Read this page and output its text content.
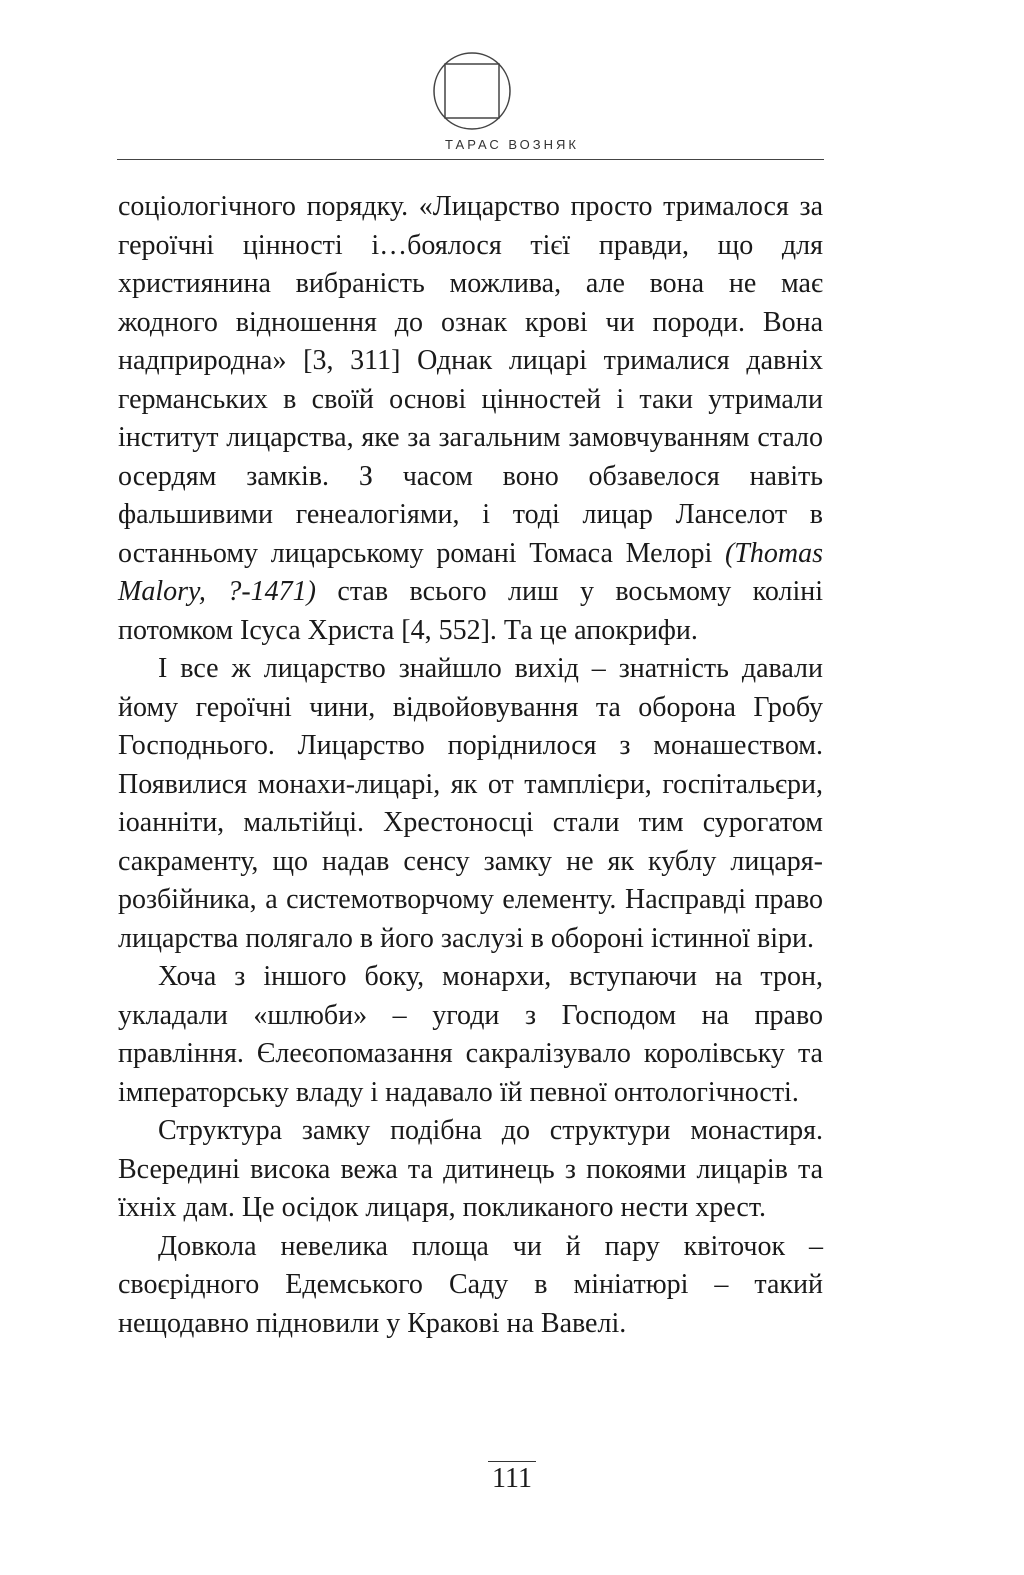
ТАРАС ВОЗНЯК

соціологічного порядку. «Лицарство просто трималося за героїчні цінності і…боялося тієї правди, що для християнина вибраність можлива, але вона не має жодного відношення до ознак крові чи породи. Вона надприродна» [3, 311] Однак лицарі трималися давніх германських в своїй основі цінностей і таки утримали інститут лицарства, яке за загальним замовчуванням стало осердям замків. З часом воно обзавелося навіть фальшивими генеалогіями, і тоді лицар Ланселот в останньому лицарському романі Томаса Мелорі (Thomas Malory, ?-1471) став всього лиш у восьмому коліні потомком Ісуса Христа [4, 552]. Та це апокрифи.

І все ж лицарство знайшло вихід – знатність давали йому героїчні чини, відвойовування та оборона Гробу Господнього. Лицарство поріднилося з монашеством. Появилися монахи-лицарі, як от тамплієри, госпітальєри, іоанніти, мальтійці. Хрестоносці стали тим сурогатом сакраменту, що надав сенсу замку не як кублу лицаря-розбійника, а системотворчому елементу. Насправді право лицарства полягало в його заслузі в обороні істинної віри.

Хоча з іншого боку, монархи, вступаючи на трон, укладали «шлюби» – угоди з Господом на право правління. Єлеєопомазання сакралізувало королівську та імператорську владу і надавало їй певної онтологічності.

Структура замку подібна до структури монастиря. Всередині висока вежа та дитинець з покоями лицарів та їхніх дам. Це осідок лицаря, покликаного нести хрест.

Довкола невелика площа чи й пару квіточок – своєрідного Едемського Саду в мініатюрі – такий нещодавно підновили у Кракові на Вавелі.

111
